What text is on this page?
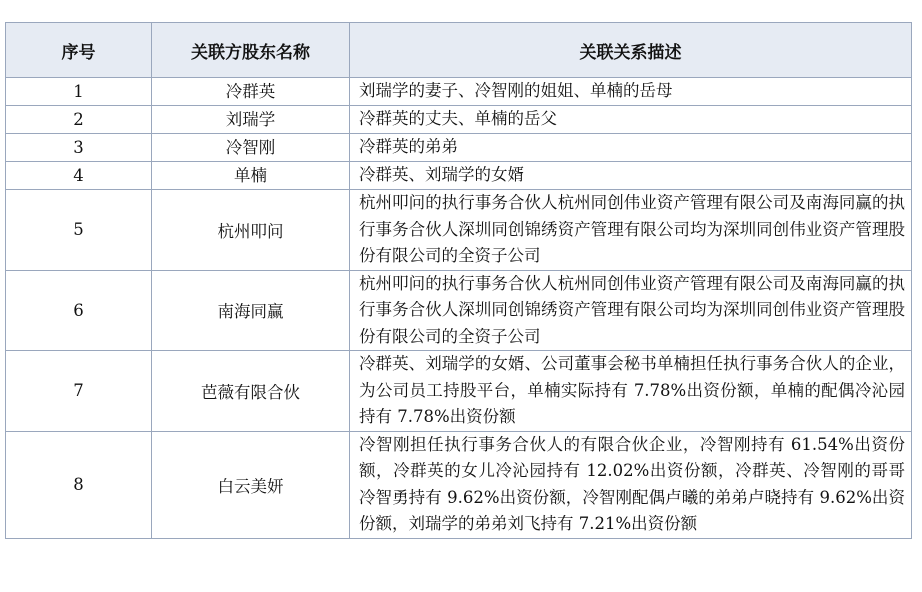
序号	关联方股东名称	关联关系描述
1	冷群英	刘瑞学的妻子、冷智刚的姐姐、单楠的岳母
2	刘瑞学	冷群英的丈夫、单楠的岳父
3	冷智刚	冷群英的弟弟
4	单楠	冷群英、刘瑞学的女婿
5	杭州叩问	杭州叩问的执行事务合伙人杭州同创伟业资产管理有限公司及南海同赢的执行事务合伙人深圳同创锦绣资产管理有限公司均为深圳同创伟业资产管理股份有限公司的全资子公司
6	南海同赢	杭州叩问的执行事务合伙人杭州同创伟业资产管理有限公司及南海同赢的执行事务合伙人深圳同创锦绣资产管理有限公司均为深圳同创伟业资产管理股份有限公司的全资子公司
7	芭薇有限合伙	冷群英、刘瑞学的女婿、公司董事会秘书单楠担任执行事务合伙人的企业，为公司员工持股平台，单楠实际持有 7.78%出资份额，单楠的配偶冷沁园持有 7.78%出资份额
8	白云美妍	冷智刚担任执行事务合伙人的有限合伙企业，冷智刚持有 61.54%出资份额，冷群英的女儿冷沁园持有 12.02%出资份额，冷群英、冷智刚的哥哥冷智勇持有 9.62%出资份额，冷智刚配偶卢曦的弟弟卢晓持有 9.62%出资份额，刘瑞学的弟弟刘飞持有 7.21%出资份额
